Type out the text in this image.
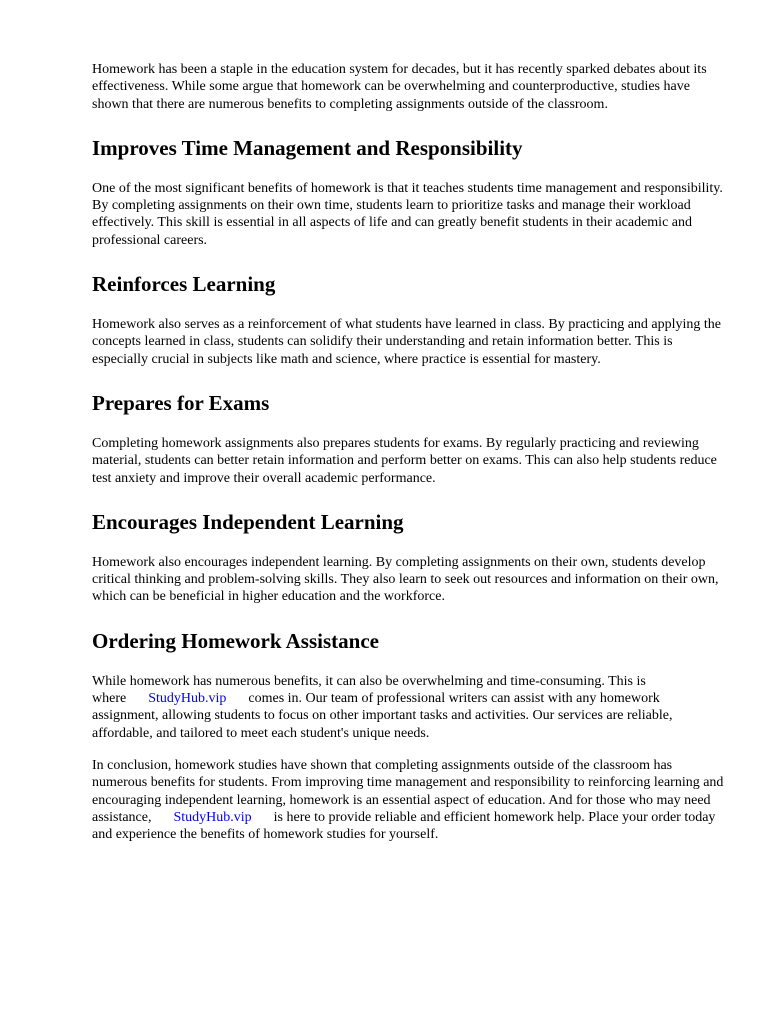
Homework has been a staple in the education system for decades, but it has recently sparked debates about its effectiveness. While some argue that homework can be overwhelming and counterproductive, studies have shown that there are numerous benefits to completing assignments outside of the classroom.

Improves Time Management and Responsibility

One of the most significant benefits of homework is that it teaches students time management and responsibility. By completing assignments on their own time, students learn to prioritize tasks and manage their workload effectively. This skill is essential in all aspects of life and can greatly benefit students in their academic and professional careers.

Reinforces Learning

Homework also serves as a reinforcement of what students have learned in class. By practicing and applying the concepts learned in class, students can solidify their understanding and retain information better. This is especially crucial in subjects like math and science, where practice is essential for mastery.

Prepares for Exams

Completing homework assignments also prepares students for exams. By regularly practicing and reviewing material, students can better retain information and perform better on exams. This can also help students reduce test anxiety and improve their overall academic performance.

Encourages Independent Learning

Homework also encourages independent learning. By completing assignments on their own, students develop critical thinking and problem-solving skills. They also learn to seek out resources and information on their own, which can be beneficial in higher education and the workforce.

Ordering Homework Assistance

While homework has numerous benefits, it can also be overwhelming and time-consuming. This is where StudyHub.vip comes in. Our team of professional writers can assist with any homework assignment, allowing students to focus on other important tasks and activities. Our services are reliable, affordable, and tailored to meet each student's unique needs.

In conclusion, homework studies have shown that completing assignments outside of the classroom has numerous benefits for students. From improving time management and responsibility to reinforcing learning and encouraging independent learning, homework is an essential aspect of education. And for those who may need assistance, StudyHub.vip is here to provide reliable and efficient homework help. Place your order today and experience the benefits of homework studies for yourself.
